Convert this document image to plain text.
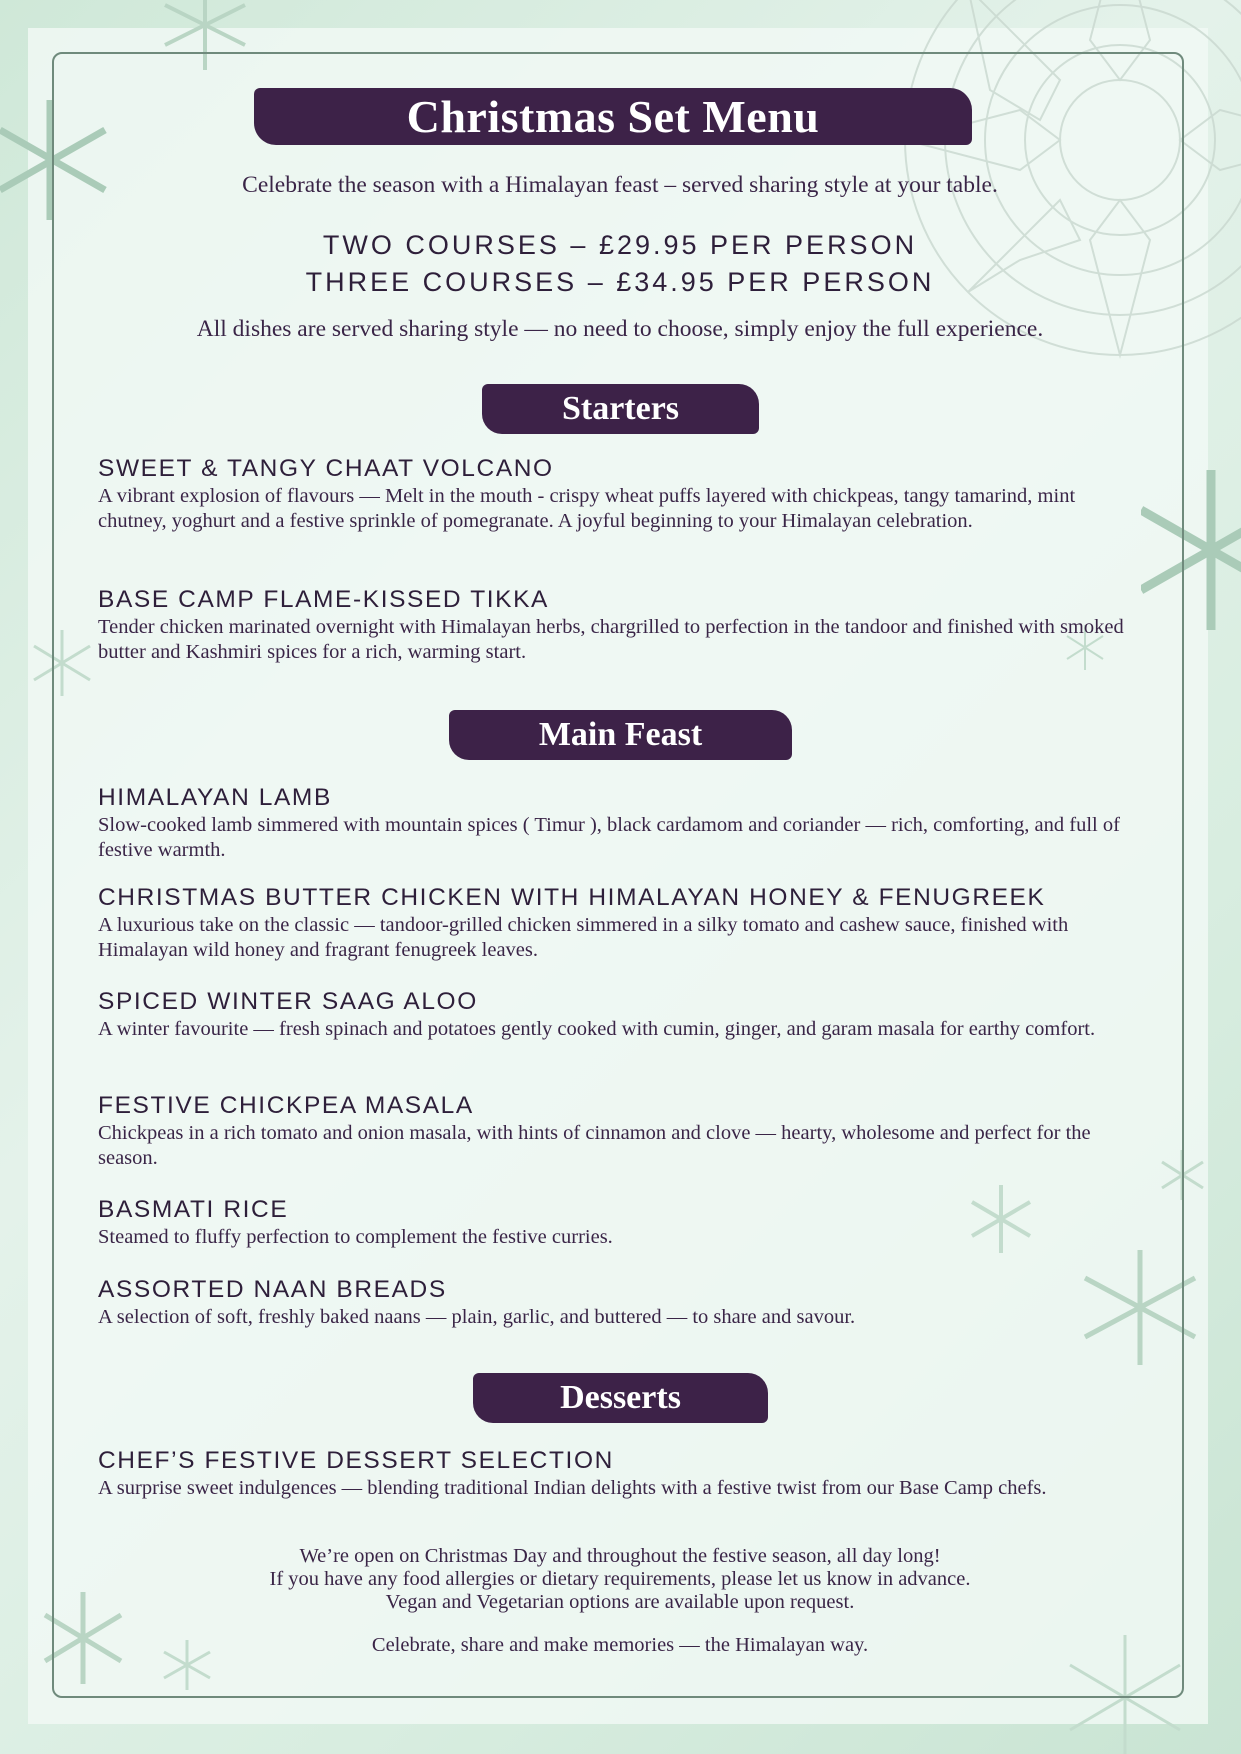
Christmas Set Menu
Celebrate the season with a Himalayan feast – served sharing style at your table.
TWO COURSES – £29.95 PER PERSON
THREE COURSES – £34.95 PER PERSON
All dishes are served sharing style — no need to choose, simply enjoy the full experience.
Starters
SWEET & TANGY CHAAT VOLCANO
A vibrant explosion of flavours — Melt in the mouth - crispy wheat puffs layered with chickpeas, tangy tamarind, mint chutney, yoghurt and a festive sprinkle of pomegranate. A joyful beginning to your Himalayan celebration.
BASE CAMP FLAME-KISSED TIKKA
Tender chicken marinated overnight with Himalayan herbs, chargrilled to perfection in the tandoor and finished with smoked butter and Kashmiri spices for a rich, warming start.
Main Feast
HIMALAYAN LAMB
Slow-cooked lamb simmered with mountain spices ( Timur ), black cardamom and coriander — rich, comforting, and full of festive warmth.
CHRISTMAS BUTTER CHICKEN WITH HIMALAYAN HONEY & FENUGREEK
A luxurious take on the classic — tandoor-grilled chicken simmered in a silky tomato and cashew sauce, finished with Himalayan wild honey and fragrant fenugreek leaves.
SPICED WINTER SAAG ALOO
A winter favourite — fresh spinach and potatoes gently cooked with cumin, ginger, and garam masala for earthy comfort.
FESTIVE CHICKPEA MASALA
Chickpeas in a rich tomato and onion masala, with hints of cinnamon and clove — hearty, wholesome and perfect for the season.
BASMATI RICE
Steamed to fluffy perfection to complement the festive curries.
ASSORTED NAAN BREADS
A selection of soft, freshly baked naans — plain, garlic, and buttered — to share and savour.
Desserts
CHEF’S FESTIVE DESSERT SELECTION
A surprise sweet indulgences — blending traditional Indian delights with a festive twist from our Base Camp chefs.
We’re open on Christmas Day and throughout the festive season, all day long!
If you have any food allergies or dietary requirements, please let us know in advance.
Vegan and Vegetarian options are available upon request.
Celebrate, share and make memories — the Himalayan way.
